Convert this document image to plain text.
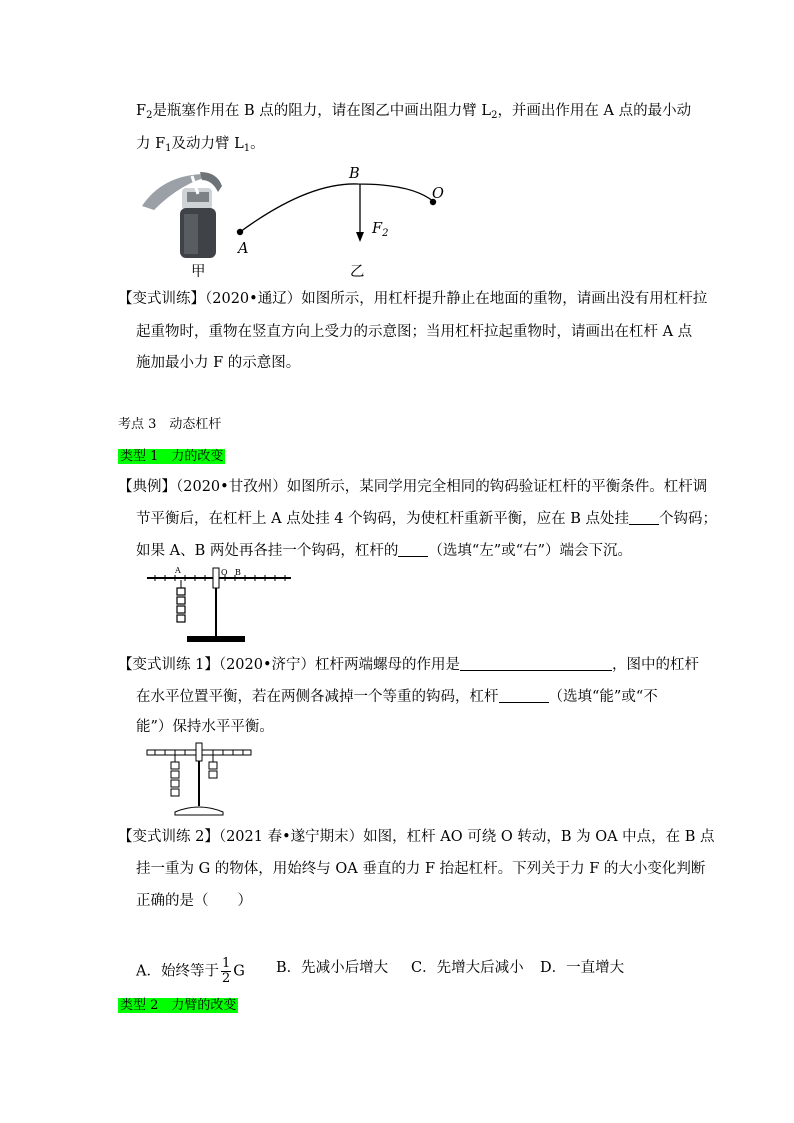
$F_2$是瓶塞作用在 B 点的阻力，请在图乙中画出阻力臂 $L_2$，并画出作用在 A 点的最小动
力 $F_1$及动力臂 $L_1$。
甲
B
O
A
$F_2$
乙
【变式训练】（2020•通辽）如图所示，用杠杆提升静止在地面的重物，请画出没有用杠杆拉
起重物时，重物在竖直方向上受力的示意图；当用杠杆拉起重物时，请画出在杠杆 A 点
施加最小力 F 的示意图。
考点 3　动态杠杆
类型 1　力的改变
【典例】（2020•甘孜州）如图所示，某同学用完全相同的钩码验证杠杆的平衡条件。杠杆调
节平衡后，在杠杆上 A 点处挂 4 个钩码，为使杠杆重新平衡，应在 B 点处挂 个钩码；
如果 A、B 两处再各挂一个钩码，杠杆的 （选填“左”或“右”）端会下沉。
A	O B
【变式训练 1】（2020•济宁）杠杆两端螺母的作用是	，图中的杠杆
在水平位置平衡，若在两侧各减掉一个等重的钩码，杠杆	（选填“能”或“不
能”）保持水平平衡。
【变式训练 2】（2021 春•遂宁期末）如图，杠杆 AO 可绕 O 转动，B 为 OA 中点，在 B 点
挂一重为 G 的物体，用始终与 OA 垂直的力 F 抬起杠杆。下列关于力 F 的大小变化判断
正确的是（　　）
A．始终等于 $\frac{1}{2}$ G B．先减小后增大 C．先增大后减小 D．一直增大
类型 2　力臂的改变
